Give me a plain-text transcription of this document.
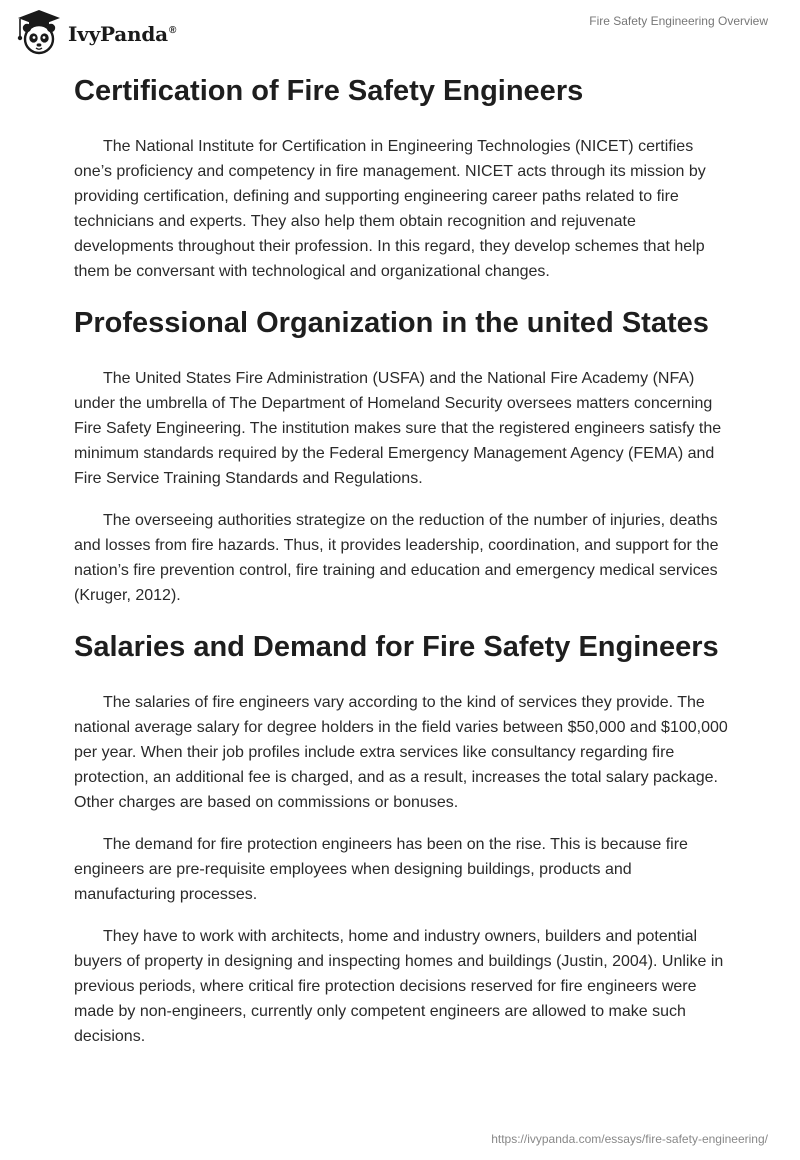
IvyPanda®
Fire Safety Engineering Overview
Certification of Fire Safety Engineers

The National Institute for Certification in Engineering Technologies (NICET) certifies one’s proficiency and competency in fire management. NICET acts through its mission by providing certification, defining and supporting engineering career paths related to fire technicians and experts. They also help them obtain recognition and rejuvenate developments throughout their profession. In this regard, they develop schemes that help them be conversant with technological and organizational changes.

Professional Organization in the united States

The United States Fire Administration (USFA) and the National Fire Academy (NFA) under the umbrella of The Department of Homeland Security oversees matters concerning Fire Safety Engineering. The institution makes sure that the registered engineers satisfy the minimum standards required by the Federal Emergency Management Agency (FEMA) and Fire Service Training Standards and Regulations.

The overseeing authorities strategize on the reduction of the number of injuries, deaths and losses from fire hazards. Thus, it provides leadership, coordination, and support for the nation’s fire prevention control, fire training and education and emergency medical services (Kruger, 2012).

Salaries and Demand for Fire Safety Engineers

The salaries of fire engineers vary according to the kind of services they provide. The national average salary for degree holders in the field varies between $50,000 and $100,000 per year. When their job profiles include extra services like consultancy regarding fire protection, an additional fee is charged, and as a result, increases the total salary package. Other charges are based on commissions or bonuses.

The demand for fire protection engineers has been on the rise. This is because fire engineers are pre-requisite employees when designing buildings, products and manufacturing processes.

They have to work with architects, home and industry owners, builders and potential buyers of property in designing and inspecting homes and buildings (Justin, 2004). Unlike in previous periods, where critical fire protection decisions reserved for fire engineers were made by non-engineers, currently only competent engineers are allowed to make such decisions.

https://ivypanda.com/essays/fire-safety-engineering/
